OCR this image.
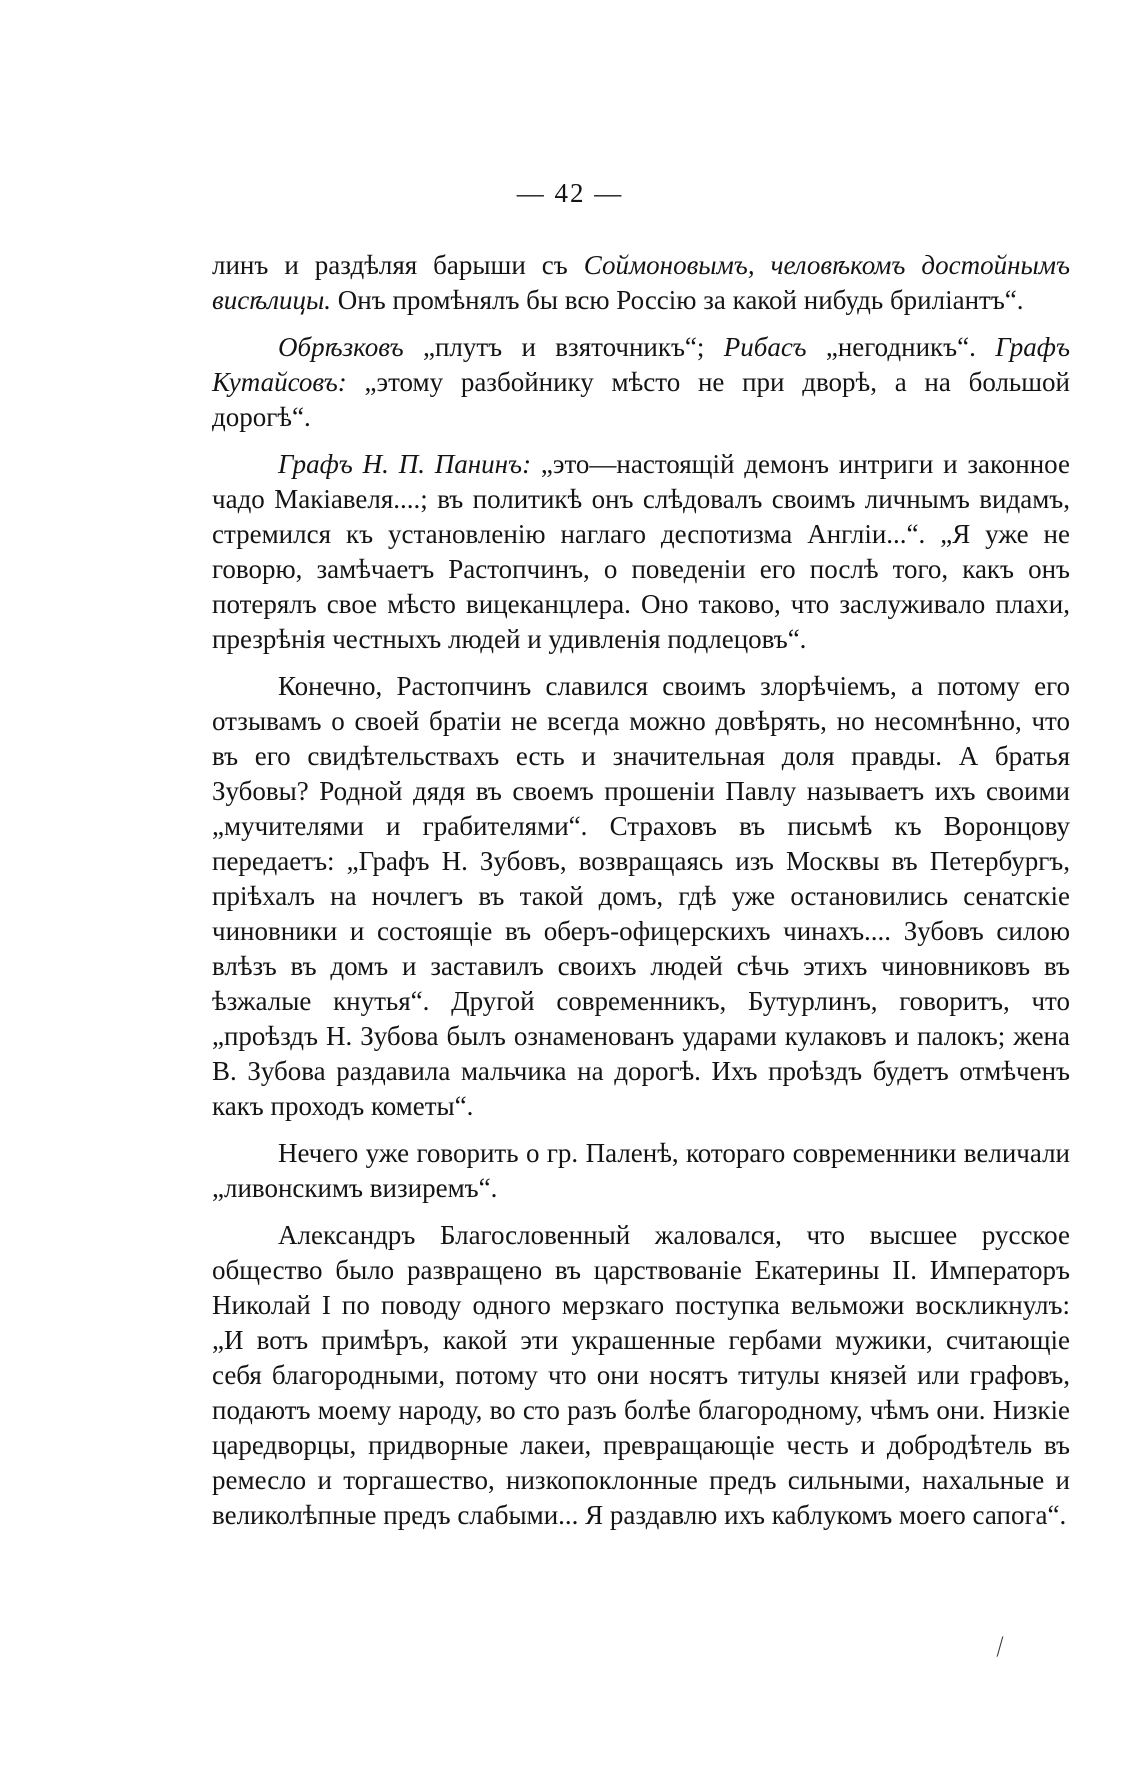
— 42 —

линъ и раздѣляя барыши съ Соймоновымъ, человѣкомъ достойнымъ висѣлицы. Онъ промѣнялъ бы всю Россію за какой нибудь бриліантъ“.

Обрѣзковъ „плутъ и взяточникъ“; Рибасъ „негодникъ“. Графъ Кутайсовъ: „этому разбойнику мѣсто не при дворѣ, а на большой дорогѣ“.

Графъ Н. П. Панинъ: „это—настоящій демонъ интриги и законное чадо Макіавеля....; въ политикѣ онъ слѣдовалъ своимъ личнымъ видамъ, стремился къ установленію наглаго деспотизма Англіи...“. „Я уже не говорю, замѣчаетъ Растопчинъ, о поведеніи его послѣ того, какъ онъ потерялъ свое мѣсто вицеканцлера. Оно таково, что заслуживало плахи, презрѣнія честныхъ людей и удивленія подлецовъ“.

Конечно, Растопчинъ славился своимъ злорѣчіемъ, а потому его отзывамъ о своей братіи не всегда можно довѣрять, но несомнѣнно, что въ его свидѣтельствахъ есть и значительная доля правды. А братья Зубовы? Родной дядя въ своемъ прошеніи Павлу называетъ ихъ своими „мучителями и грабителями“. Страховъ въ письмѣ къ Воронцову передаетъ: „Графъ Н. Зубовъ, возвращаясь изъ Москвы въ Петербургъ, пріѣхалъ на ночлегъ въ такой домъ, гдѣ уже остановились сенатскіе чиновники и состоящіе въ оберъ-офицерскихъ чинахъ.... Зубовъ силою влѣзъ въ домъ и заставилъ своихъ людей сѣчь этихъ чиновниковъ въ ѣзжалые кнутья“. Другой современникъ, Бутурлинъ, говоритъ, что „проѣздъ Н. Зубова былъ ознаменованъ ударами кулаковъ и палокъ; жена В. Зубова раздавила мальчика на дорогѣ. Ихъ проѣздъ будетъ отмѣченъ какъ проходъ кометы“.

Нечего уже говорить о гр. Паленѣ, котораго современники величали „ливонскимъ визиремъ“.

Александръ Благословенный жаловался, что высшее русское общество было развращено въ царствованіе Екатерины II. Императоръ Николай I по поводу одного мерзкаго поступка вельможи воскликнулъ: „И вотъ примѣръ, какой эти украшенные гербами мужики, считающіе себя благородными, потому что они носятъ титулы князей или графовъ, подаютъ моему народу, во сто разъ болѣе благородному, чѣмъ они. Низкіе царедворцы, придворные лакеи, превращающіе честь и добродѣтель въ ремесло и торгашество, низкопоклонные предъ сильными, нахальные и великолѣпные предъ слабыми... Я раздавлю ихъ каблукомъ моего сапога“.

⁄
